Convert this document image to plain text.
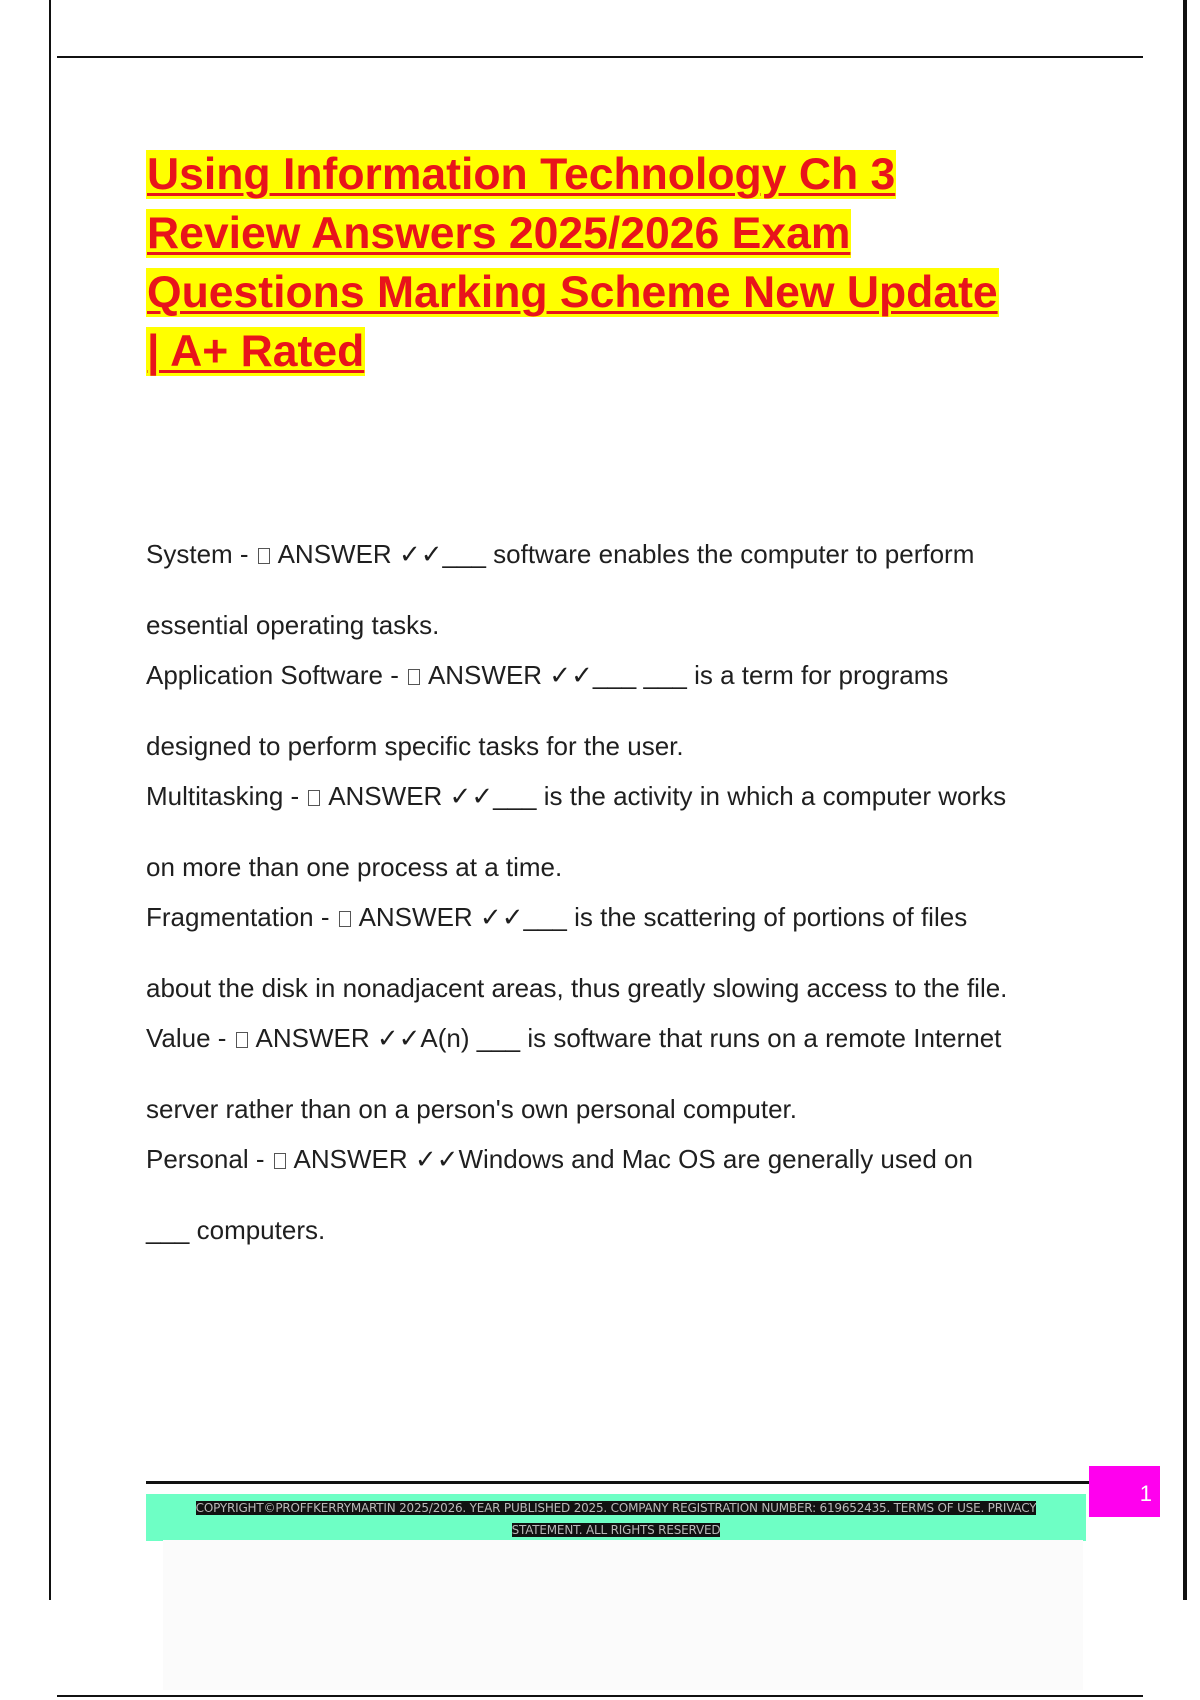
Using Information Technology Ch 3
Review Answers 2025/2026 Exam
Questions Marking Scheme New Update
| A+ Rated
System -  ANSWER ✓✓___ software enables the computer to perform
essential operating tasks.
Application Software -  ANSWER ✓✓___ ___ is a term for programs
designed to perform specific tasks for the user.
Multitasking -  ANSWER ✓✓___ is the activity in which a computer works
on more than one process at a time.
Fragmentation -  ANSWER ✓✓___ is the scattering of portions of files
about the disk in nonadjacent areas, thus greatly slowing access to the file.
Value -  ANSWER ✓✓A(n) ___ is software that runs on a remote Internet
server rather than on a person's own personal computer.
Personal -  ANSWER ✓✓Windows and Mac OS are generally used on
___ computers.
COPYRIGHT©PROFFKERRYMARTIN 2025/2026. YEAR PUBLISHED 2025. COMPANY REGISTRATION NUMBER: 619652435. TERMS OF USE. PRIVACY STATEMENT. ALL RIGHTS RESERVED
1
